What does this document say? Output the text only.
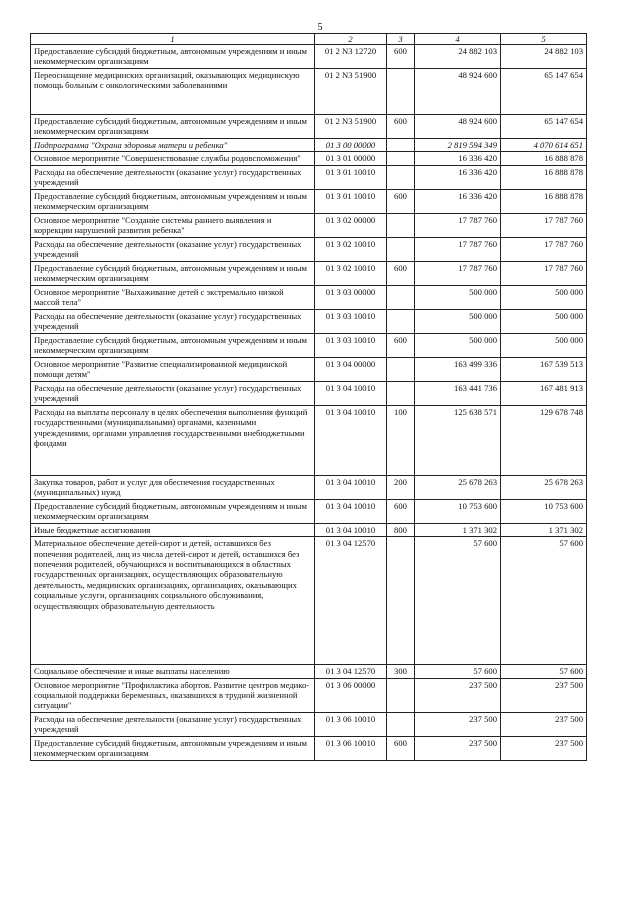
5
1	2	3	4	5
Предоставление субсидий бюджетным, автономным учреждениям и иным некоммерческим организациям	01 2 N3 12720	600	24 882 103	24 882 103
Переоснащение медицинских организаций, оказывающих медицинскую помощь больным с онкологическими заболеваниями	01 2 N3 51900		48 924 600	65 147 654
Предоставление субсидий бюджетным, автономным учреждениям и иным некоммерческим организациям	01 2 N3 51900	600	48 924 600	65 147 654
Подпрограмма "Охрана здоровья матери и ребенка"	01 3 00 00000		2 819 594 349	4 070 614 651
Основное мероприятие "Совершенствование службы родовспоможения"	01 3 01 00000		16 336 420	16 888 878
Расходы на обеспечение деятельности (оказание услуг) государственных учреждений	01 3 01 10010		16 336 420	16 888 878
Предоставление субсидий бюджетным, автономным учреждениям и иным некоммерческим организациям	01 3 01 10010	600	16 336 420	16 888 878
Основное мероприятие "Создание системы раннего выявления и коррекции нарушений развития ребенка"	01 3 02 00000		17 787 760	17 787 760
Расходы на обеспечение деятельности (оказание услуг) государственных учреждений	01 3 02 10010		17 787 760	17 787 760
Предоставление субсидий бюджетным, автономным учреждениям и иным некоммерческим организациям	01 3 02 10010	600	17 787 760	17 787 760
Основное мероприятие "Выхаживание детей с экстремально низкой массой тела"	01 3 03 00000		500 000	500 000
Расходы на обеспечение деятельности (оказание услуг) государственных учреждений	01 3 03 10010		500 000	500 000
Предоставление субсидий бюджетным, автономным учреждениям и иным некоммерческим организациям	01 3 03 10010	600	500 000	500 000
Основное мероприятие "Развитие специализированной медицинской помощи детям"	01 3 04 00000		163 499 336	167 539 513
Расходы на обеспечение деятельности (оказание услуг) государственных учреждений	01 3 04 10010		163 441 736	167 481 913
Расходы на выплаты персоналу в целях обеспечения выполнения функций государственными (муниципальными) органами, казенными учреждениями, органами управления государственными внебюджетными фондами	01 3 04 10010	100	125 638 571	129 678 748
Закупка товаров, работ и услуг для обеспечения государственных (муниципальных) нужд	01 3 04 10010	200	25 678 263	25 678 263
Предоставление субсидий бюджетным, автономным учреждениям и иным некоммерческим организациям	01 3 04 10010	600	10 753 600	10 753 600
Иные бюджетные ассигнования	01 3 04 10010	800	1 371 302	1 371 302
Материальное обеспечение детей-сирот и детей, оставшихся без попечения родителей, лиц из числа детей-сирот и детей, оставшихся без попечения родителей, обучающихся и воспитывающихся в областных государственных организациях, осуществляющих образовательную деятельность, медицинских организациях, организациях, оказывающих социальные услуги, организациях социального обслуживания, осуществляющих образовательную деятельность	01 3 04 12570		57 600	57 600
Социальное обеспечение и иные выплаты населению	01 3 04 12570	300	57 600	57 600
Основное мероприятие "Профилактика абортов. Развитие центров медико-социальной поддержки беременных, оказавшихся в трудной жизненной ситуации"	01 3 06 00000		237 500	237 500
Расходы на обеспечение деятельности (оказание услуг) государственных учреждений	01 3 06 10010		237 500	237 500
Предоставление субсидий бюджетным, автономным учреждениям и иным некоммерческим организациям	01 3 06 10010	600	237 500	237 500
